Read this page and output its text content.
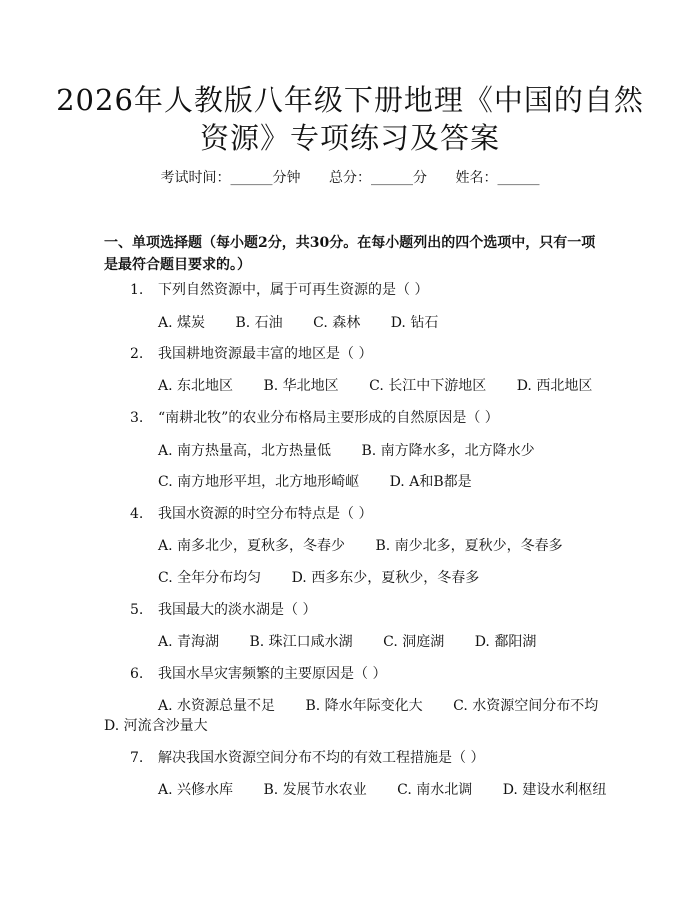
2026年人教版八年级下册地理《中国的自然
资源》专项练习及答案
考试时间：______分钟 总分：______分 姓名：______
一、单项选择题（每小题2分，共30分。在每小题列出的四个选项中，只有一项是最符合题目要求的。）
1. 下列自然资源中，属于可再生资源的是（ ）
A. 煤炭 B. 石油 C. 森林 D. 钻石
2. 我国耕地资源最丰富的地区是（ ）
A. 东北地区 B. 华北地区 C. 长江中下游地区 D. 西北地区
3. “南耕北牧”的农业分布格局主要形成的自然原因是（ ）
A. 南方热量高，北方热量低 B. 南方降水多，北方降水少
C. 南方地形平坦，北方地形崎岖 D. A和B都是
4. 我国水资源的时空分布特点是（ ）
A. 南多北少，夏秋多，冬春少 B. 南少北多，夏秋少，冬春多
C. 全年分布均匀 D. 西多东少，夏秋少，冬春多
5. 我国最大的淡水湖是（ ）
A. 青海湖 B. 珠江口咸水湖 C. 洞庭湖 D. 鄱阳湖
6. 我国水旱灾害频繁的主要原因是（ ）
A. 水资源总量不足 B. 降水年际变化大 C. 水资源空间分布不均
D. 河流含沙量大
7. 解决我国水资源空间分布不均的有效工程措施是（ ）
A. 兴修水库 B. 发展节水农业 C. 南水北调 D. 建设水利枢纽
